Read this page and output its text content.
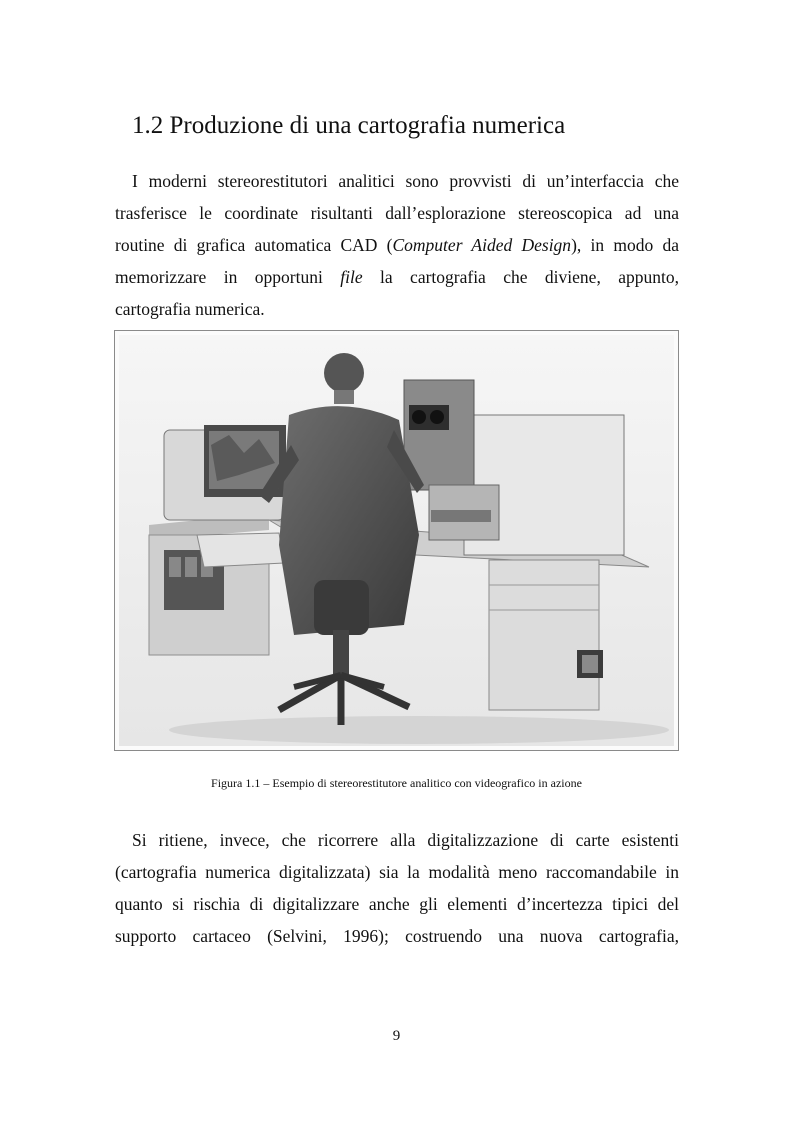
1.2 Produzione di una cartografia numerica
I moderni stereorestitutori analitici sono provvisti di un’interfaccia che
trasferisce le coordinate risultanti dall’esplorazione stereoscopica ad una
routine di grafica automatica CAD (Computer Aided Design), in modo da
memorizzare in opportuni file la cartografia che diviene, appunto,
cartografia numerica.
Figura 1.1 – Esempio di stereorestitutore analitico con videografico in azione
Si ritiene, invece, che ricorrere alla digitalizzazione di carte esistenti
(cartografia numerica digitalizzata) sia la modalità meno raccomandabile in
quanto si rischia di digitalizzare anche gli elementi d’incertezza tipici del
supporto cartaceo (Selvini, 1996); costruendo una nuova cartografia,
9
